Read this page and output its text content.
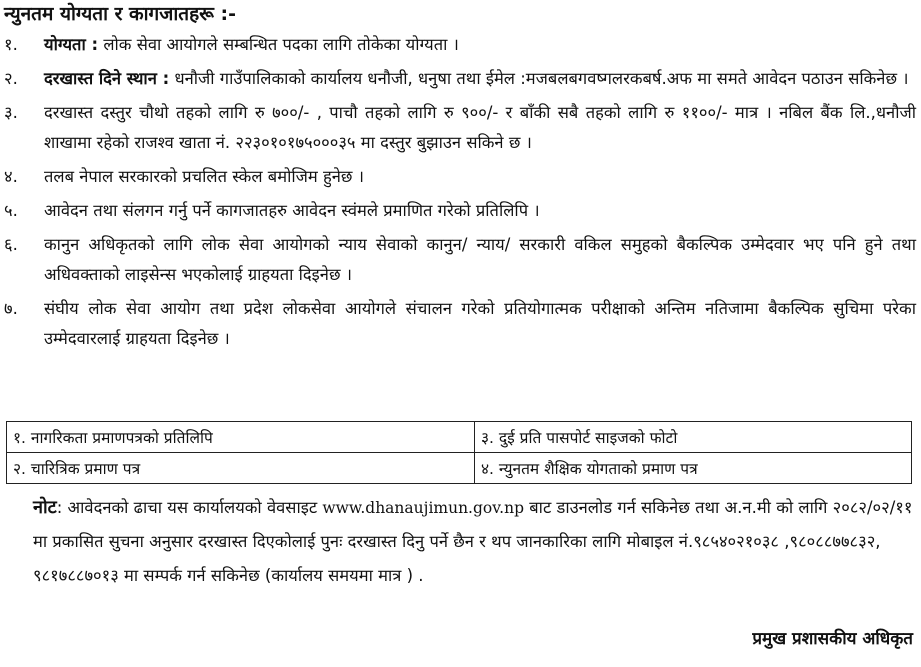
न्युनतम योग्यता र कागजातहरू :-
१. योग्यता : लोक सेवा आयोगले सम्बन्धित पदका लागि तोकेका योग्यता ।
२. दरखास्त दिने स्थान : धनौजी गाउँपालिकाको कार्यालय धनौजी, धनुषा तथा ईमेल :मजबलबगवष्गलरकबर्ष.अफ मा समते आवेदन पठाउन सकिनेछ ।
३. दरखास्त दस्तुर चौथो तहको लागि रु ७००/- , पाचौ तहको लागि रु ९००/- र बाँकी सबै तहको लागि रु ११००/- मात्र । नबिल बैंक लि.,धनौजी शाखामा रहेको राजश्व खाता नं. २२३०१०१७५०००३५ मा दस्तुर बुझाउन सकिने छ ।
४. तलब नेपाल सरकारको प्रचलित स्केल बमोजिम हुनेछ ।
५. आवेदन तथा संलगन गर्नु पर्ने कागजातहरु आवेदन स्वंमले प्रमाणित गरेको प्रतिलिपि ।
६. कानुन अधिकृतको लागि लोक सेवा आयोगको न्याय सेवाको कानुन/ न्याय/ सरकारी वकिल समुहको बैकल्पिक उम्मेदवार भए पनि हुने तथा अधिवक्ताको लाइसेन्स भएकोलाई ग्राहयता दिइनेछ ।
७. संघीय लोक सेवा आयोग तथा प्रदेश लोकसेवा आयोगले संचालन गरेको प्रतियोगात्मक परीक्षाको अन्तिम नतिजामा बैकल्पिक सुचिमा परेका उम्मेदवारलाई ग्राहयता दिइनेछ ।
१. नागरिकता प्रमाणपत्रको प्रतिलिपि	३. दुई प्रति पासपोर्ट साइजको फोटो
२. चारित्रिक प्रमाण पत्र	४. न्युनतम शैक्षिक योगताको प्रमाण पत्र
नोट: आवेदनको ढाचा यस कार्यालयको वेवसाइट www.dhanaujimun.gov.np बाट डाउनलोड गर्न सकिनेछ तथा अ.न.मी को लागि २०८२/०२/११ मा प्रकासित सुचना अनुसार दरखास्त दिएकोलाई पुनः दरखास्त दिनु पर्ने छैन र थप जानकारिका लागि मोबाइल नं.९८५४०२१०३८ ,९८०८८७७८३२, ९८१७८८७०१३ मा सम्पर्क गर्न सकिनेछ (कार्यालय समयमा मात्र ) .
प्रमुख प्रशासकीय अधिकृत
